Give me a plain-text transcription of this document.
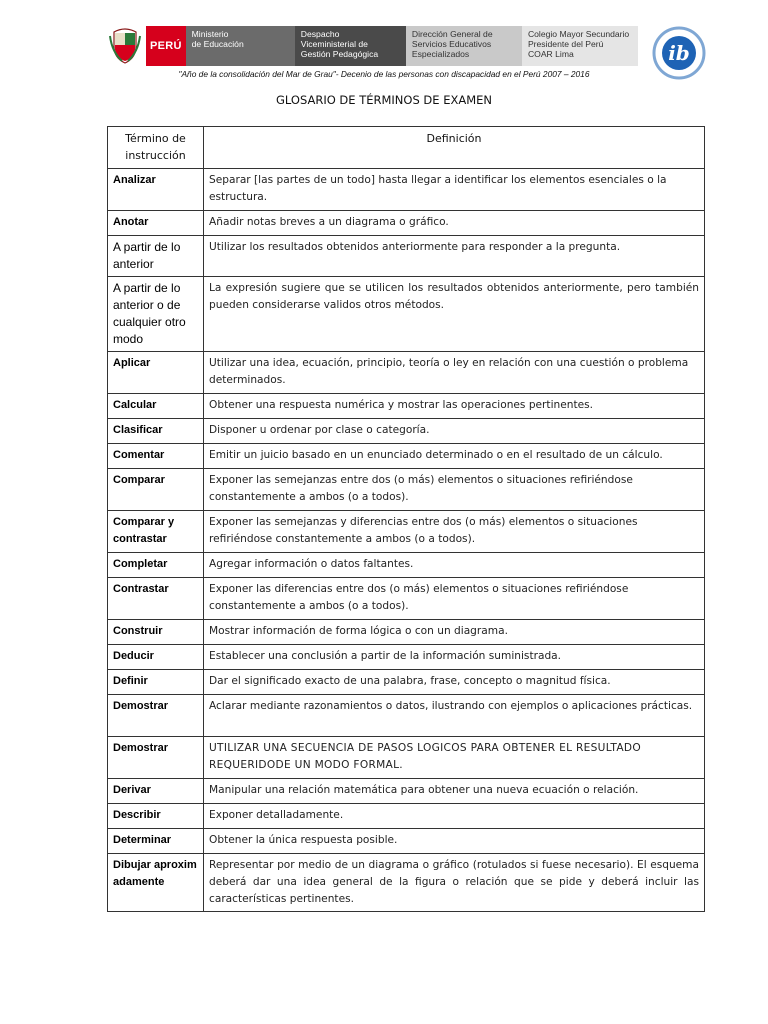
PERÚ
Ministerio
de Educación
Despacho
Viceministerial de
Gestión Pedagógica
Dirección General de
Servicios Educativos
Especializados
Colegio Mayor Secundario
Presidente del Perú
COAR Lima	ib
"Año de la consolidación del Mar de Grau"- Decenio de las personas con discapacidad en el Perú 2007 – 2016
GLOSARIO DE TÉRMINOS DE EXAMEN
Término de instrucción	Definición
Analizar	Separar [las partes de un todo] hasta llegar a identificar los elementos esenciales o la estructura.
Anotar	Añadir notas breves a un diagrama o gráfico.
A partir de lo anterior	Utilizar los resultados obtenidos anteriormente para responder a la pregunta.
A partir de lo anterior o de cualquier otro modo	La expresión sugiere que se utilicen los resultados obtenidos anteriormente, pero también pueden considerarse validos otros métodos.
Aplicar	Utilizar una idea, ecuación, principio, teoría o ley en relación con una cuestión o problema determinados.
Calcular	Obtener una respuesta numérica y mostrar las operaciones pertinentes.
Clasificar	Disponer u ordenar por clase o categoría.
Comentar	Emitir un juicio basado en un enunciado determinado o en el resultado de un cálculo.
Comparar	Exponer las semejanzas entre dos (o más) elementos o situaciones refiriéndose constantemente a ambos (o a todos).
Comparar y contrastar	Exponer las semejanzas y diferencias entre dos (o más) elementos o situaciones refiriéndose constantemente a ambos (o a todos).
Completar	Agregar información o datos faltantes.
Contrastar	Exponer las diferencias entre dos (o más) elementos o situaciones refiriéndose constantemente a ambos (o a todos).
Construir	Mostrar información de forma lógica o con un diagrama.
Deducir	Establecer una conclusión a partir de la información suministrada.
Definir	Dar el significado exacto de una palabra, frase, concepto o magnitud física.
Demostrar	Aclarar mediante razonamientos o datos, ilustrando con ejemplos o aplicaciones prácticas.
Demostrar	UTILIZAR UNA SECUENCIA DE PASOS LOGICOS PARA OBTENER EL RESULTADO REQUERIDODE UN MODO FORMAL.
Derivar	Manipular una relación matemática para obtener una nueva ecuación o relación.
Describir	Exponer detalladamente.
Determinar	Obtener la única respuesta posible.
Dibujar aproximadamente	Representar por medio de un diagrama o gráfico (rotulados si fuese necesario). El esquema deberá dar una idea general de la figura o relación que se pide y deberá incluir las características pertinentes.
